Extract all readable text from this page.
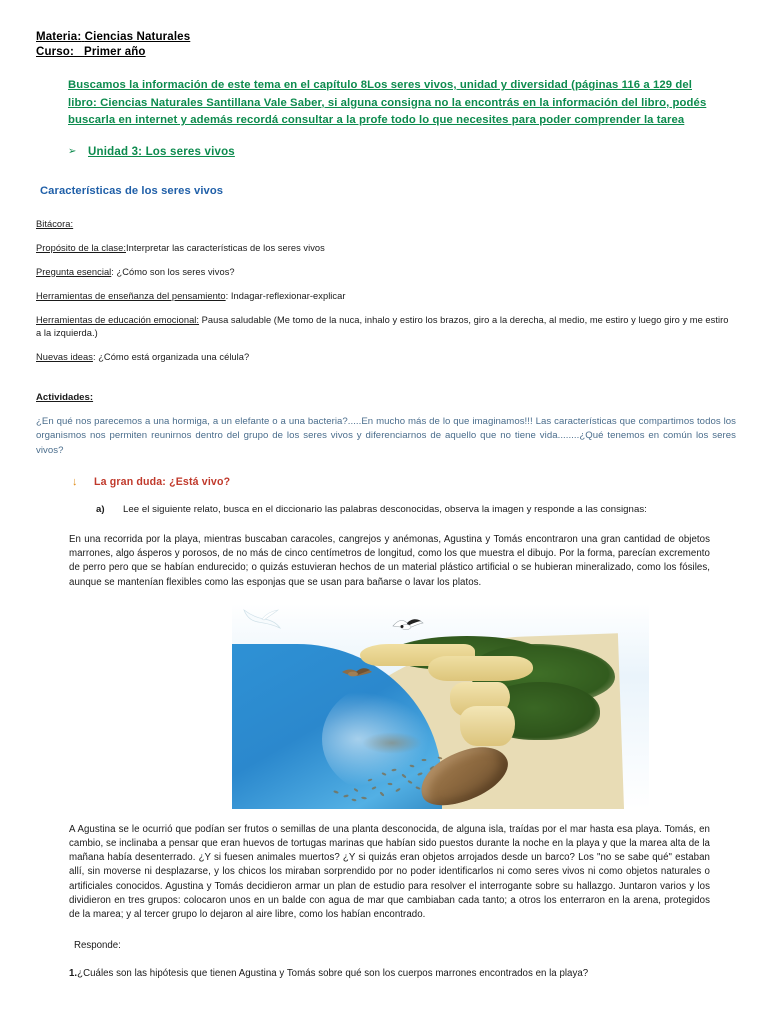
Materia: Ciencias Naturales
Curso: Primer año
Buscamos la información de este tema en el capítulo 8Los seres vivos, unidad y diversidad (páginas 116 a 129 del libro: Ciencias Naturales Santillana Vale Saber, si alguna consigna no la encontrás en la información del libro, podés buscarla en internet y además recordá consultar a la profe todo lo que necesites para poder comprender la tarea
➢	Unidad 3: Los seres vivos
Características de los seres vivos
Bitácora:
Propósito de la clase:Interpretar las características de los seres vivos
Pregunta esencial: ¿Cómo son los seres vivos?
Herramientas de enseñanza del pensamiento: Indagar-reflexionar-explicar
Herramientas de educación emocional: Pausa saludable (Me tomo de la nuca, inhalo y estiro los brazos, giro a la derecha, al medio, me estiro y luego giro y me estiro a la izquierda.)
Nuevas ideas: ¿Cómo está organizada una célula?
Actividades:
¿En qué nos parecemos a una hormiga, a un elefante o a una bacteria?.....En mucho más de lo que imaginamos!!! Las características que compartimos todos los organismos nos permiten reunirnos dentro del grupo de los seres vivos y diferenciarnos de aquello que no tiene vida........¿Qué tenemos en común los seres vivos?
↓	La gran duda: ¿Está vivo?
a)	Lee el siguiente relato, busca en el diccionario las palabras desconocidas, observa la imagen y responde a las consignas:
En una recorrida por la playa, mientras buscaban caracoles, cangrejos y anémonas, Agustina y Tomás encontraron una gran cantidad de objetos marrones, algo ásperos y porosos, de no más de cinco centímetros de longitud, como los que muestra el dibujo. Por la forma, parecían excremento de perro pero que se habían endurecido; o quizás estuvieran hechos de un material plástico artificial o se hubieran mineralizado, como los fósiles, aunque se mantenían flexibles como las esponjas que se usan para bañarse o lavar los platos.
A Agustina se le ocurrió que podían ser frutos o semillas de una planta desconocida, de alguna isla, traídas por el mar hasta esa playa. Tomás, en cambio, se inclinaba a pensar que eran huevos de tortugas marinas que habían sido puestos durante la noche en la playa y que la marea alta de la mañana había desenterrado. ¿Y si fuesen animales muertos? ¿Y si quizás eran objetos arrojados desde un barco? Los "no se sabe qué" estaban allí, sin moverse ni desplazarse, y los chicos los miraban sorprendido por no poder identificarlos ni como seres vivos ni como objetos naturales o artificiales conocidos. Agustina y Tomás decidieron armar un plan de estudio para resolver el interrogante sobre su hallazgo. Juntaron varios y los dividieron en tres grupos: colocaron unos en un balde con agua de mar que cambiaban cada tanto; a otros los enterraron en la arena, protegidos de la marea; y al tercer grupo lo dejaron al aire libre, como los habían encontrado.
Responde:
1.¿Cuáles son las hipótesis que tienen Agustina y Tomás sobre qué son los cuerpos marrones encontrados en la playa?
